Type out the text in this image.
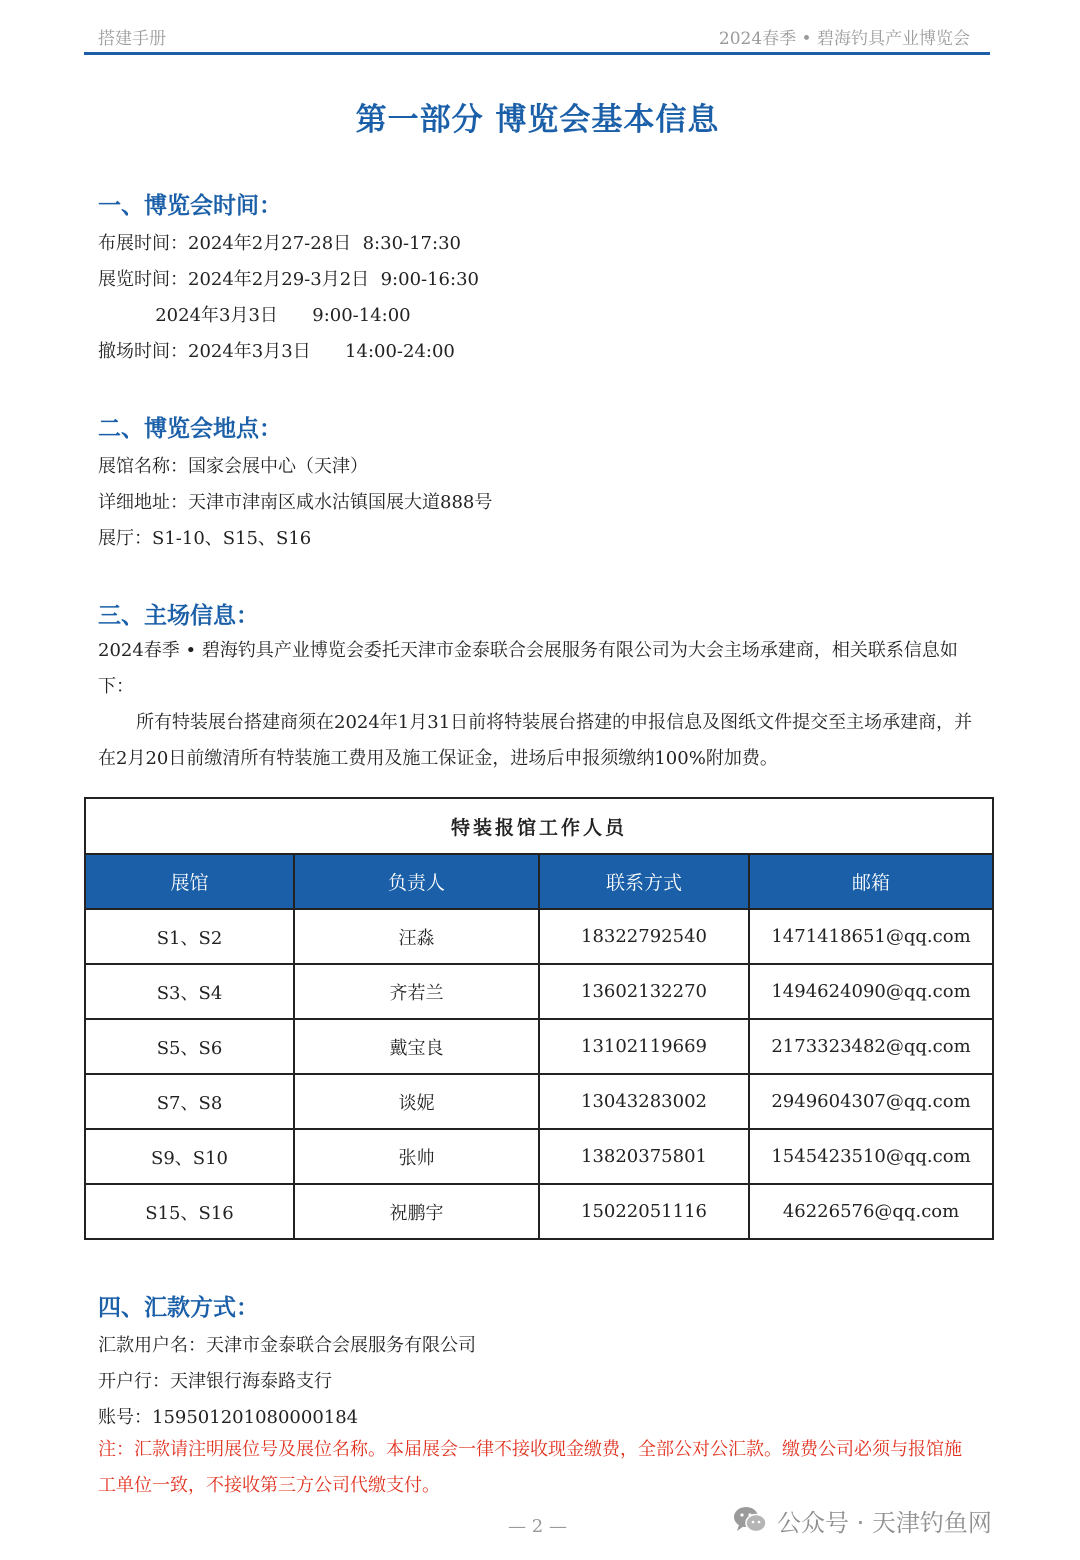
搭建手册	2024春季 • 碧海钓具产业博览会
第一部分 博览会基本信息
一、博览会时间：
布展时间：2024年2月27-28日  8:30-17:30
展览时间：2024年2月29-3月2日  9:00-16:30
2024年3月3日      9:00-14:00
撤场时间：2024年3月3日      14:00-24:00
二、博览会地点：
展馆名称：国家会展中心（天津）
详细地址：天津市津南区咸水沽镇国展大道888号
展厅：S1-10、S15、S16
三、主场信息：
2024春季 • 碧海钓具产业博览会委托天津市金泰联合会展服务有限公司为大会主场承建商，相关联系信息如下：
所有特装展台搭建商须在2024年1月31日前将特装展台搭建的申报信息及图纸文件提交至主场承建商，并在2月20日前缴清所有特装施工费用及施工保证金，进场后申报须缴纳100%附加费。
特装报馆工作人员			
展馆	负责人	联系方式	邮箱
S1、S2	汪淼	18322792540	1471418651@qq.com
S3、S4	齐若兰	13602132270	1494624090@qq.com
S5、S6	戴宝良	13102119669	2173323482@qq.com
S7、S8	谈妮	13043283002	2949604307@qq.com
S9、S10	张帅	13820375801	1545423510@qq.com
S15、S16	祝鹏宇	15022051116	46226576@qq.com
四、汇款方式：
汇款用户名：天津市金泰联合会展服务有限公司
开户行：天津银行海泰路支行
账号：159501201080000184
注：汇款请注明展位号及展位名称。本届展会一律不接收现金缴费，全部公对公汇款。缴费公司必须与报馆施工单位一致，不接收第三方公司代缴支付。
— 2 —	公众号 · 天津钓鱼网
